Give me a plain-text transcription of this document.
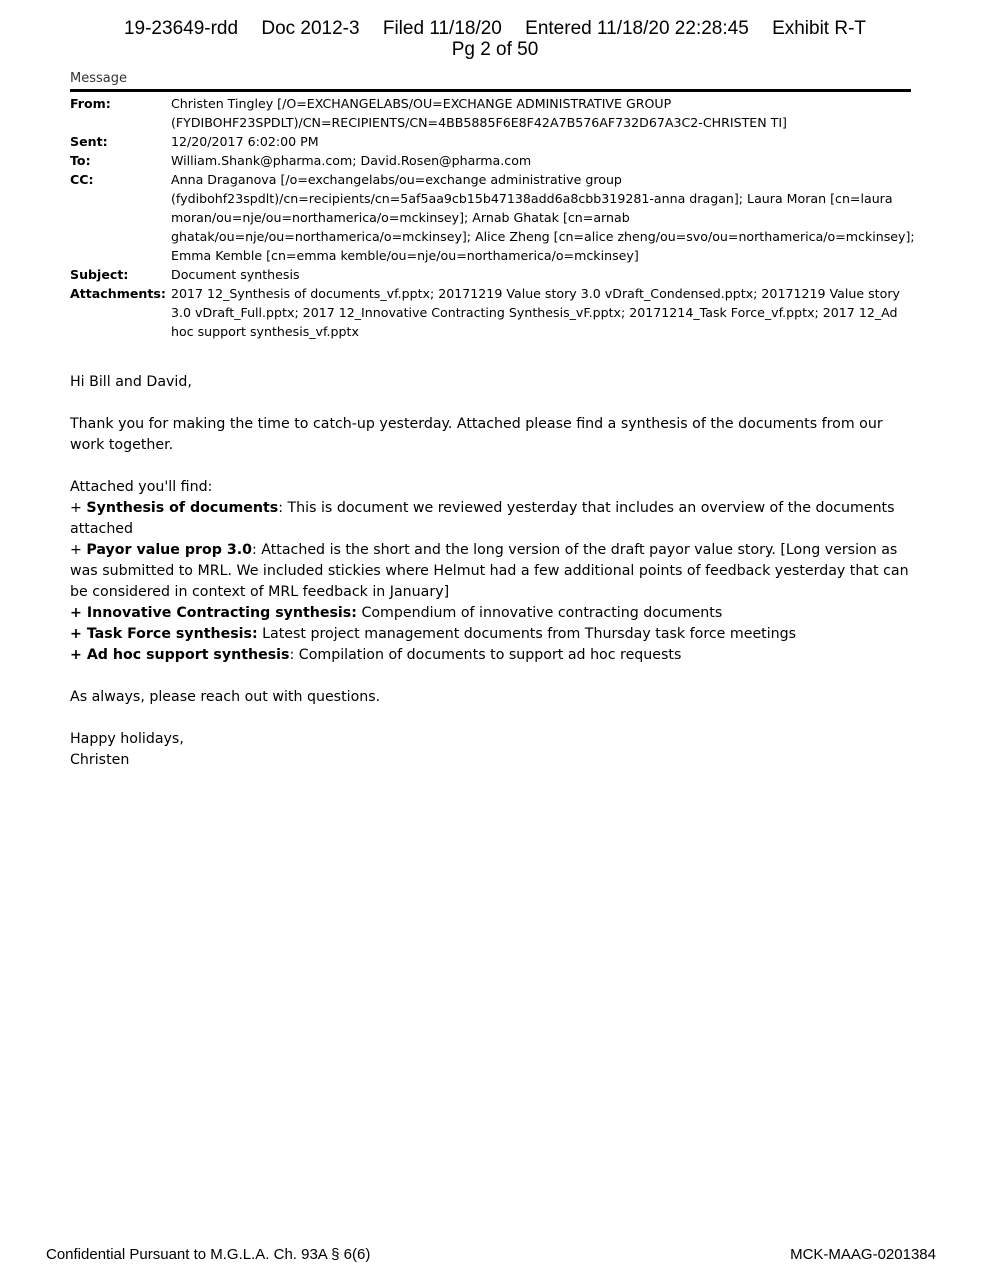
19-23649-rdd Doc 2012-3 Filed 11/18/20 Entered 11/18/20 22:28:45 Exhibit R-T
Pg 2 of 50
Message
From:	Christen Tingley [/O=EXCHANGELABS/OU=EXCHANGE ADMINISTRATIVE GROUP
(FYDIBOHF23SPDLT)/CN=RECIPIENTS/CN=4BB5885F6E8F42A7B576AF732D67A3C2-CHRISTEN TI]
Sent:	12/20/2017 6:02:00 PM
To:	William.Shank@pharma.com; David.Rosen@pharma.com
CC:	Anna Draganova [/o=exchangelabs/ou=exchange administrative group
(fydibohf23spdlt)/cn=recipients/cn=5af5aa9cb15b47138add6a8cbb319281-anna dragan]; Laura Moran [cn=laura
moran/ou=nje/ou=northamerica/o=mckinsey]; Arnab Ghatak [cn=arnab
ghatak/ou=nje/ou=northamerica/o=mckinsey]; Alice Zheng [cn=alice zheng/ou=svo/ou=northamerica/o=mckinsey];
Emma Kemble [cn=emma kemble/ou=nje/ou=northamerica/o=mckinsey]
Subject:	Document synthesis
Attachments: 2017 12_Synthesis of documents_vf.pptx; 20171219 Value story 3.0 vDraft_Condensed.pptx; 20171219 Value story
3.0 vDraft_Full.pptx; 2017 12_Innovative Contracting Synthesis_vF.pptx; 20171214_Task Force_vf.pptx; 2017 12_Ad
hoc support synthesis_vf.pptx

Hi Bill and David,

Thank you for making the time to catch-up yesterday. Attached please find a synthesis of the documents from our work together.

Attached you'll find:

+ Synthesis of documents: This is document we reviewed yesterday that includes an overview of the documents attached

+ Payor value prop 3.0: Attached is the short and the long version of the draft payor value story. [Long version as was submitted to MRL. We included stickies where Helmut had a few additional points of feedback yesterday that can be considered in context of MRL feedback in January]

+ Innovative Contracting synthesis: Compendium of innovative contracting documents

+ Task Force synthesis: Latest project management documents from Thursday task force meetings

+ Ad hoc support synthesis: Compilation of documents to support ad hoc requests

As always, please reach out with questions.

Happy holidays,

Christen

Confidential Pursuant to M.G.L.A. Ch. 93A § 6(6)	MCK-MAAG-0201384
